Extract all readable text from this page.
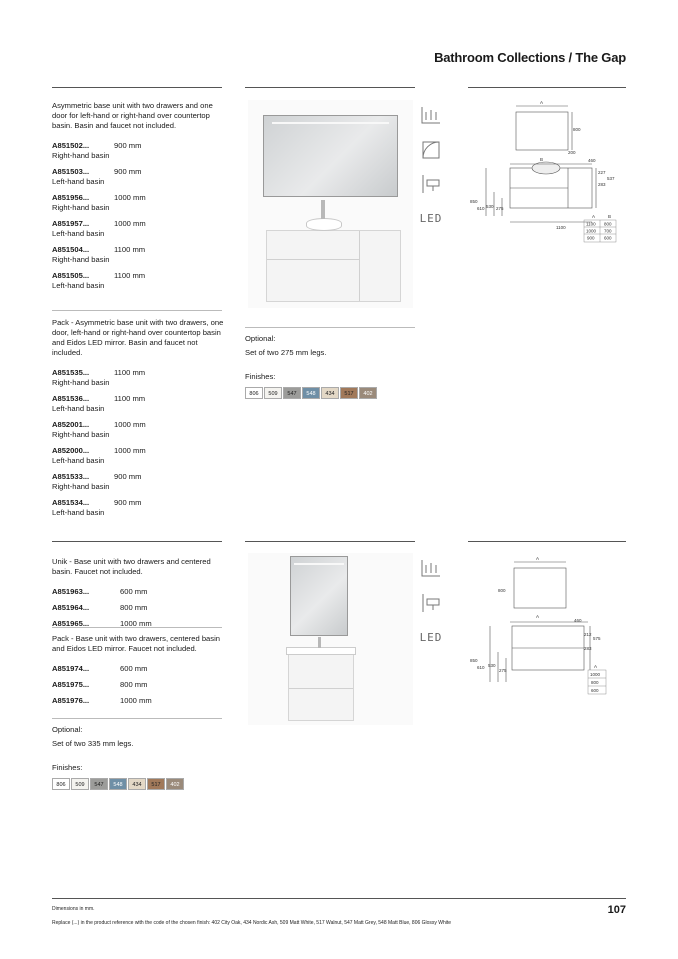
Bathroom Collections / The Gap
Asymmetric base unit with two drawers and one door for left-hand or right-hand over countertop basin. Basin and faucet not included.
A851502...	900 mm
Right-hand basin
A851503...	900 mm
Left-hand basin
A851956...	1000 mm
Right-hand basin
A851957...	1000 mm
Left-hand basin
A851504...	1100 mm
Right-hand basin
A851505...	1100 mm
Left-hand basin
Pack - Asymmetric base unit with two drawers, one door, left-hand or right-hand over countertop basin and Eidos LED mirror. Basin and faucet not included.
A851535...	1100 mm
Right-hand basin
A851536...	1100 mm
Left-hand basin
A852001...	1000 mm
Right-hand basin
A852000...	1000 mm
Left-hand basin
A851533...	900 mm
Right-hand basin
A851534...	900 mm
Left-hand basin
LED
Optional:
Set of two 275 mm legs.
Finishes:
806	509	547	548	434	517	402
A
800
B
200
460
227
537
283
850
610 530 275
1100
A	B
1100 800
1000 700
900 600
Unik - Base unit with two drawers and centered basin. Faucet not included.
A851963...	600 mm
A851964...	800 mm
A851965...	1000 mm
Pack - Base unit with two drawers, centered basin and Eidos LED mirror. Faucet not included.
A851974...	600 mm
A851975...	800 mm
A851976...	1000 mm
Optional:
Set of two 335 mm legs.
Finishes:
806	509	547	548	434	517	402
LED
A
800
A
460
212
575
283
850
610 530
275
A
1000
800
600
Dimensions in mm.
Replace (...) in the product reference with the code of the chosen finish: 402 City Oak, 434 Nordic Ash, 509 Matt White, 517 Walnut, 547 Matt Grey, 548 Matt Blue, 806 Glossy White
107
